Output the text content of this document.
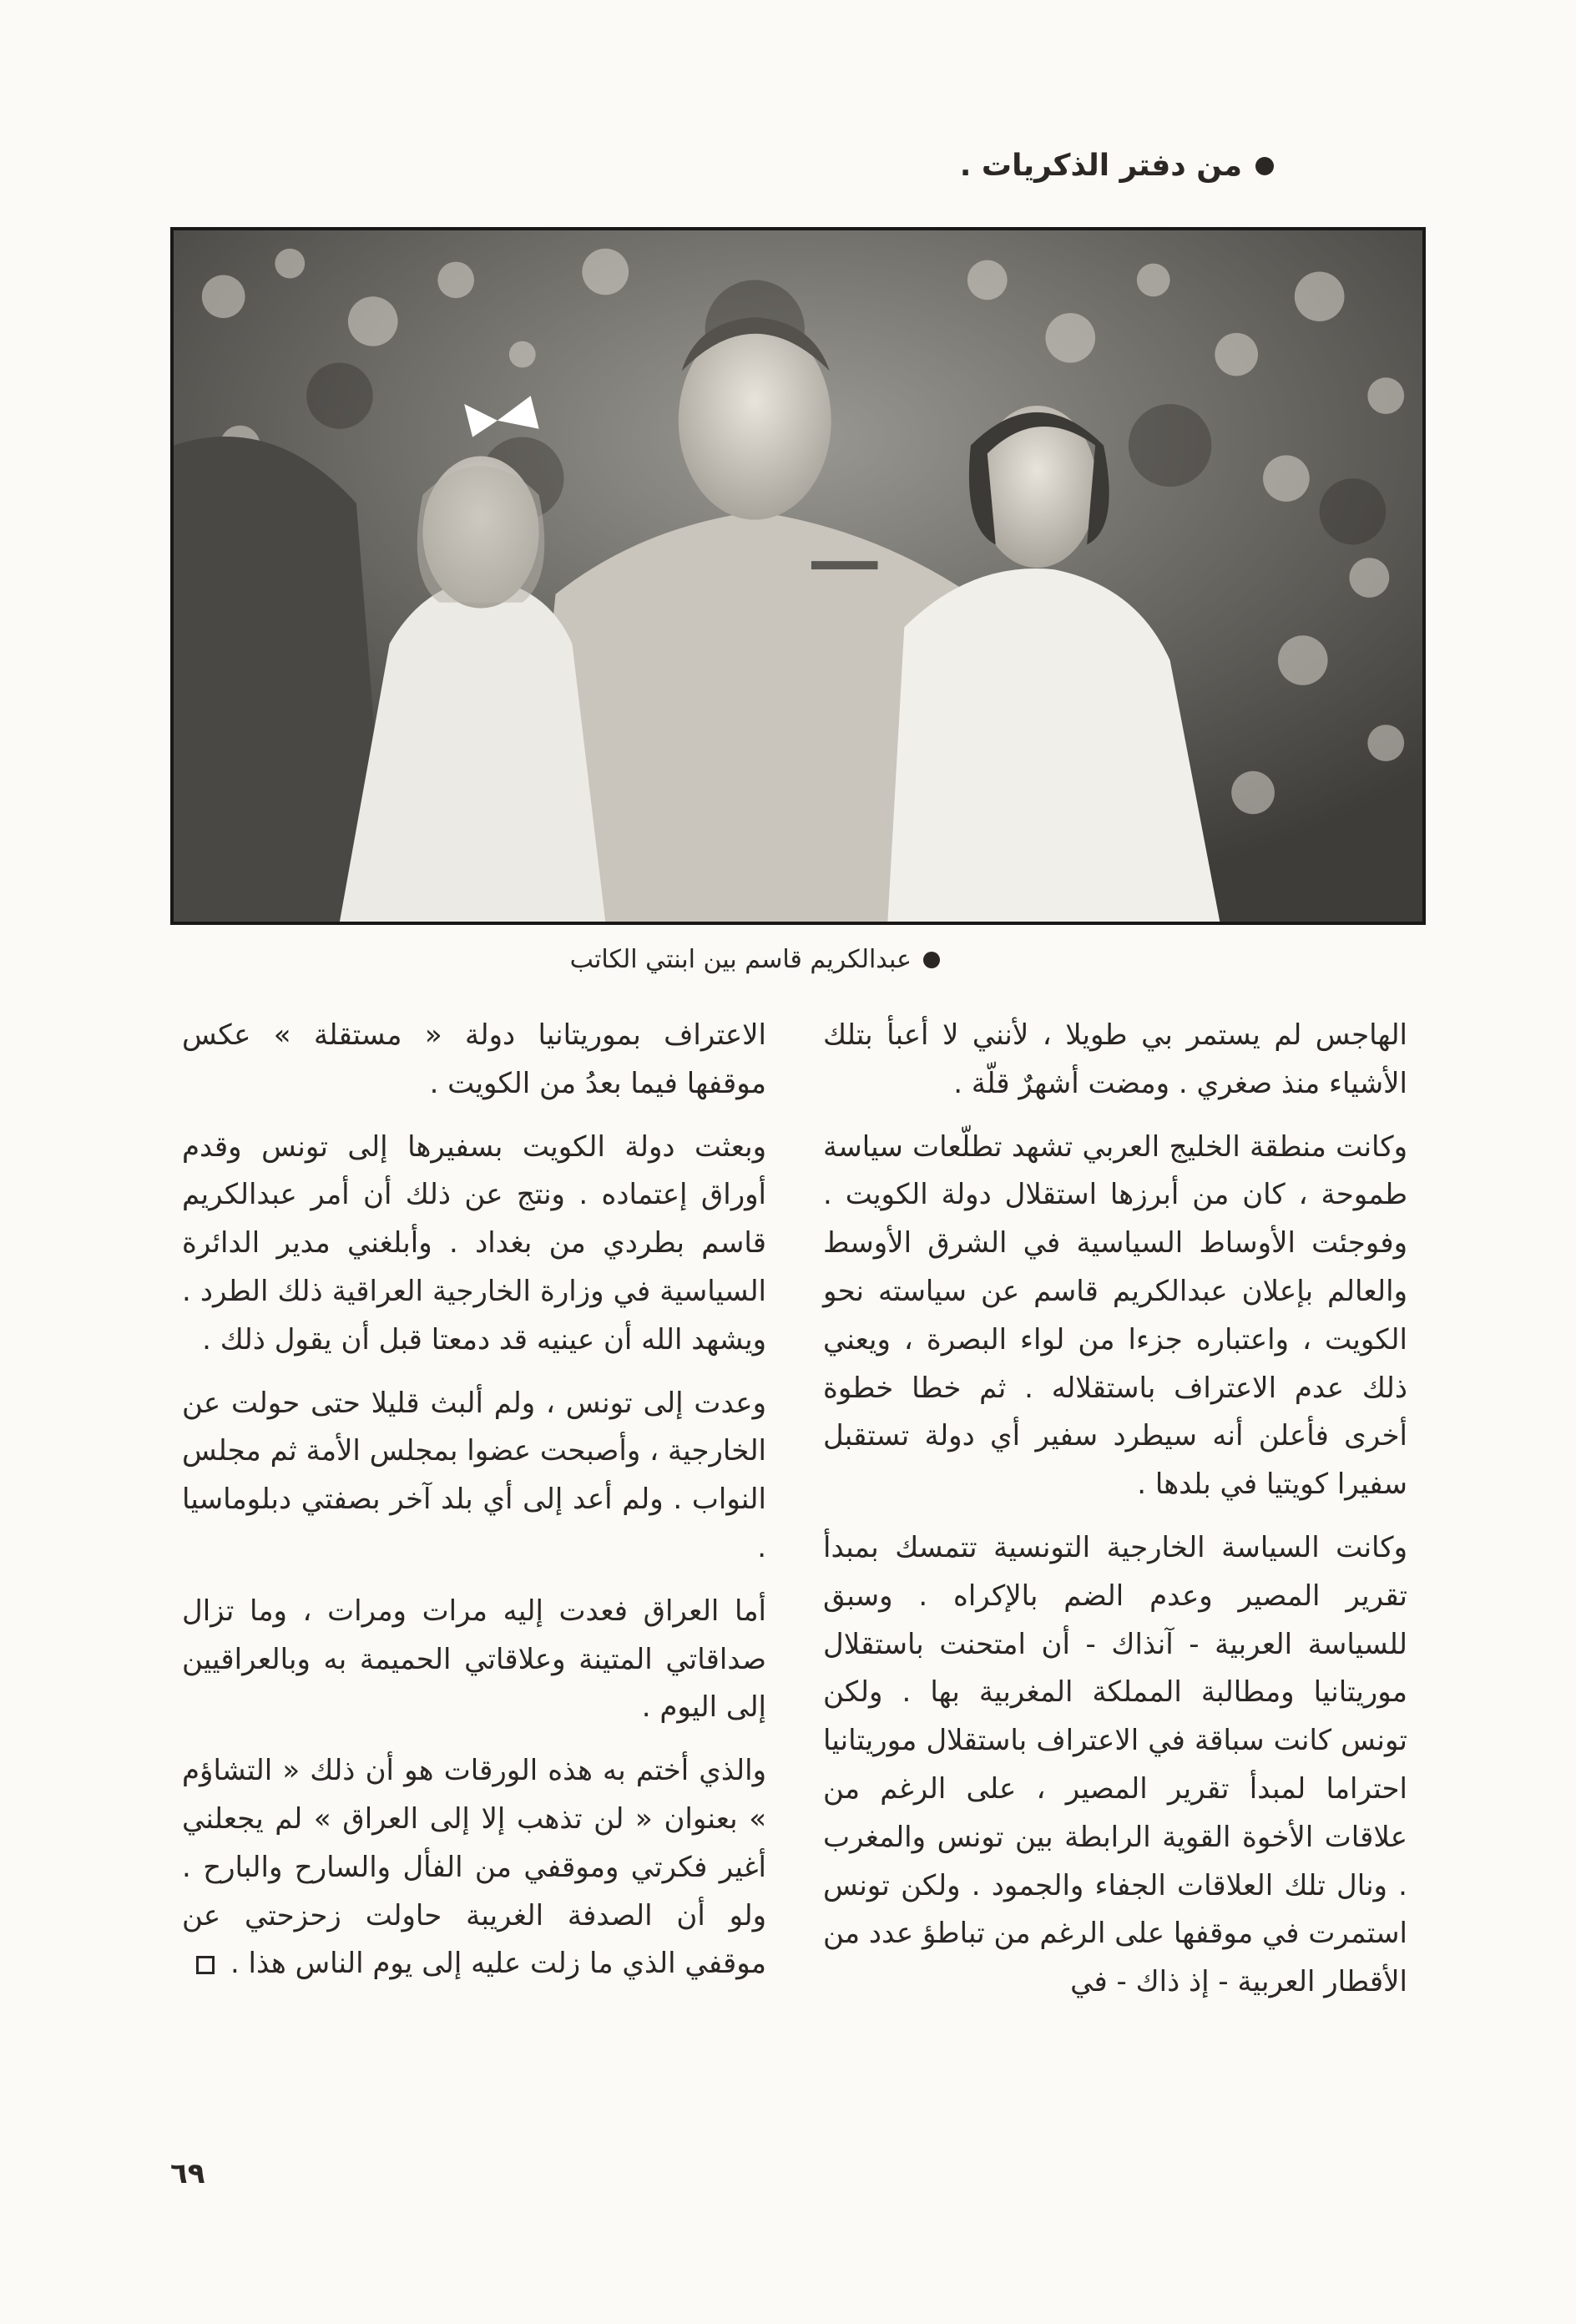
من دفتر الذكريات .
عبدالكريم قاسم بين ابنتي الكاتب

الهاجس لم يستمر بي طويلا ، لأنني لا أعبأ بتلك الأشياء منذ صغري . ومضت أشهرٌ قلّة .

وكانت منطقة الخليج العربي تشهد تطلّعات سياسة طموحة ، كان من أبرزها استقلال دولة الكويت . وفوجئت الأوساط السياسية في الشرق الأوسط والعالم بإعلان عبدالكريم قاسم عن سياسته نحو الكويت ، واعتباره جزءا من لواء البصرة ، ويعني ذلك عدم الاعتراف باستقلاله . ثم خطا خطوة أخرى فأعلن أنه سيطرد سفير أي دولة تستقبل سفيرا كويتيا في بلدها .

وكانت السياسة الخارجية التونسية تتمسك بمبدأ تقرير المصير وعدم الضم بالإكراه . وسبق للسياسة العربية - آنذاك - أن امتحنت باستقلال موريتانيا ومطالبة المملكة المغربية بها . ولكن تونس كانت سباقة في الاعتراف باستقلال موريتانيا احتراما لمبدأ تقرير المصير ، على الرغم من علاقات الأخوة القوية الرابطة بين تونس والمغرب . ونال تلك العلاقات الجفاء والجمود . ولكن تونس استمرت في موقفها على الرغم من تباطؤ عدد من الأقطار العربية - إذ ذاك - في

الاعتراف بموريتانيا دولة « مستقلة » عكس موقفها فيما بعدُ من الكويت .

وبعثت دولة الكويت بسفيرها إلى تونس وقدم أوراق إعتماده . ونتج عن ذلك أن أمر عبدالكريم قاسم بطردي من بغداد . وأبلغني مدير الدائرة السياسية في وزارة الخارجية العراقية ذلك الطرد . ويشهد الله أن عينيه قد دمعتا قبل أن يقول ذلك .

وعدت إلى تونس ، ولم ألبث قليلا حتى حولت عن الخارجية ، وأصبحت عضوا بمجلس الأمة ثم مجلس النواب . ولم أعد إلى أي بلد آخر بصفتي دبلوماسيا .

أما العراق فعدت إليه مرات ومرات ، وما تزال صداقاتي المتينة وعلاقاتي الحميمة به وبالعراقيين إلى اليوم .

والذي أختم به هذه الورقات هو أن ذلك « التشاؤم » بعنوان « لن تذهب إلا إلى العراق » لم يجعلني أغير فكرتي وموقفي من الفأل والسارح والبارح . ولو أن الصدفة الغريبة حاولت زحزحتي عن موقفي الذي ما زلت عليه إلى يوم الناس هذا .

٦٩
